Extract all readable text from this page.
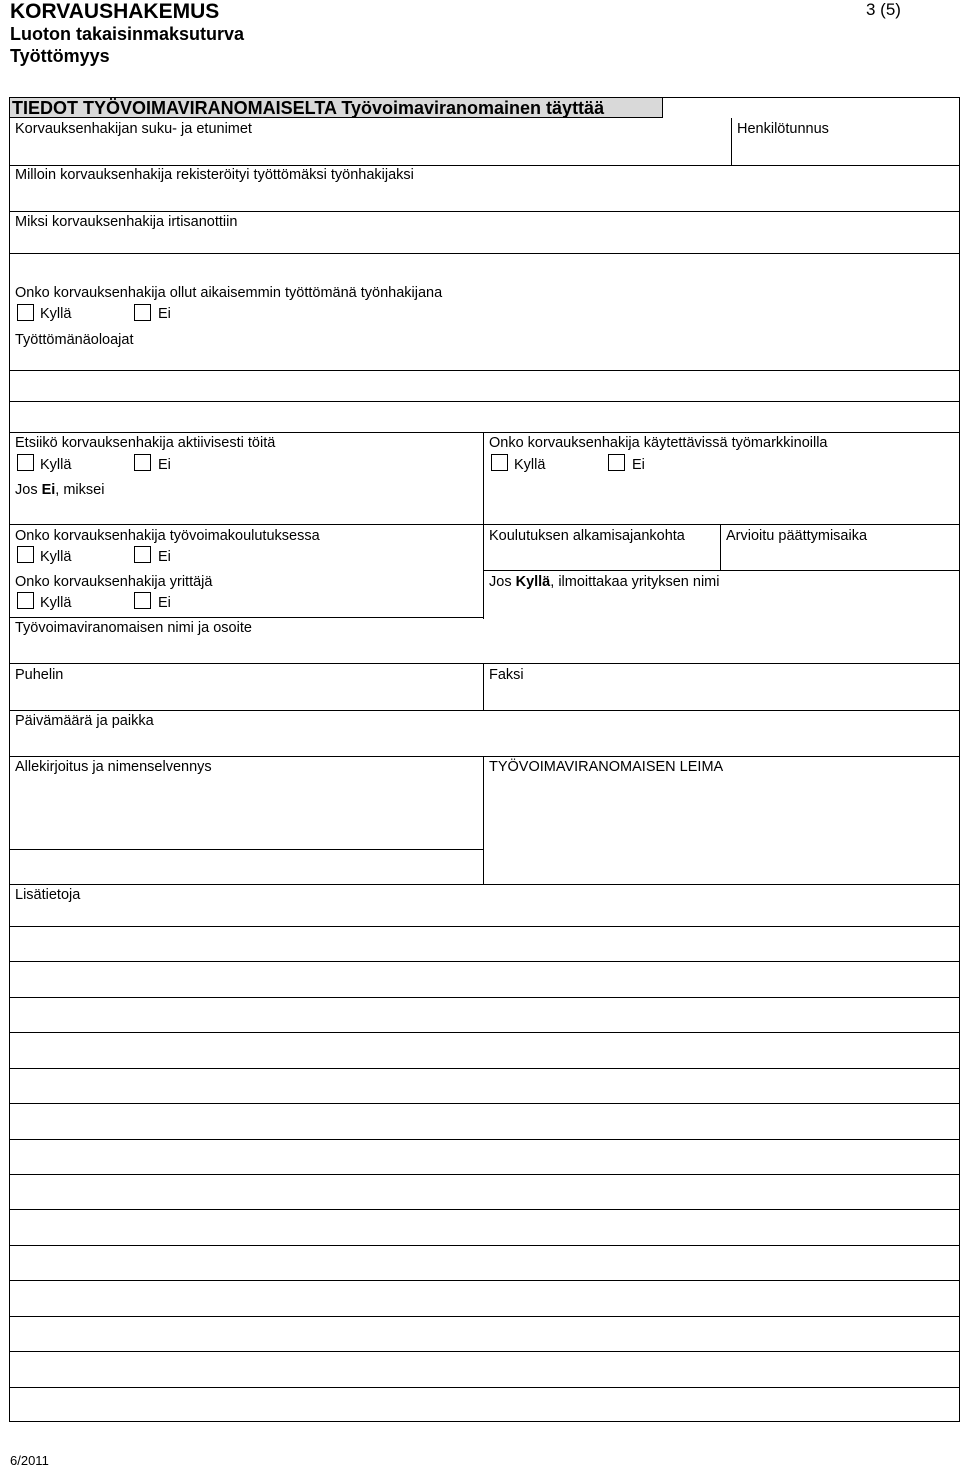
KORVAUSHAKEMUS
Luoton takaisinmaksuturva
Työttömyys
3 (5)
TIEDOT TYÖVOIMAVIRANOMAISELTA Työvoimaviranomainen täyttää
Korvauksenhakijan suku- ja etunimet	Henkilötunnus
Milloin korvauksenhakija rekisteröityi työttömäksi työnhakijaksi
Miksi korvauksenhakija irtisanottiin
Onko korvauksenhakija ollut aikaisemmin työttömänä työnhakijana
Kyllä	Ei
Työttömänäoloajat
Etsiikö korvauksenhakija aktiivisesti töitä
Kyllä	Ei
Jos Ei, miksei
Onko korvauksenhakija käytettävissä työmarkkinoilla
Kyllä	Ei
Onko korvauksenhakija työvoimakoulutuksessa
Kyllä	Ei
Koulutuksen alkamisajankohta	Arvioitu päättymisaika
Onko korvauksenhakija yrittäjä
Kyllä	Ei
Jos Kyllä, ilmoittakaa yrityksen nimi
Työvoimaviranomaisen nimi ja osoite
Puhelin	Faksi
Päivämäärä ja paikka
Allekirjoitus ja nimenselvennys	TYÖVOIMAVIRANOMAISEN LEIMA
Lisätietoja
6/2011
